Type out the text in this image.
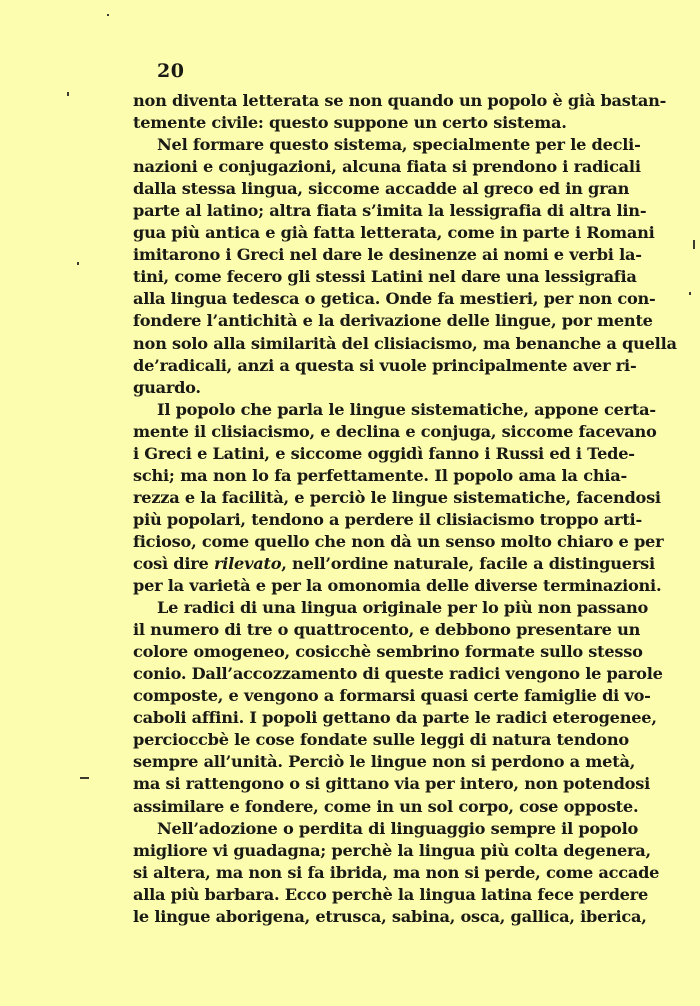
20
non diventa letterata se non quando un popolo è già bastan-
temente civile: questo suppone un certo sistema.
Nel formare questo sistema, specialmente per le decli-
nazioni e conjugazioni, alcuna fiata si prendono i radicali
dalla stessa lingua, siccome accadde al greco ed in gran
parte al latino; altra fiata s’imita la lessigrafia di altra lin-
gua più antica e già fatta letterata, come in parte i Romani
imitarono i Greci nel dare le desinenze ai nomi e verbi la-
tini, come fecero gli stessi Latini nel dare una lessigrafia
alla lingua tedesca o getica. Onde fa mestieri, per non con-
fondere l’antichità e la derivazione delle lingue, por mente
non solo alla similarità del clisiacismo, ma benanche a quella
de’radicali, anzi a questa si vuole principalmente aver ri-
guardo.
Il popolo che parla le lingue sistematiche, appone certa-
mente il clisiacismo, e declina e conjuga, siccome facevano
i Greci e Latini, e siccome oggidì fanno i Russi ed i Tede-
schi; ma non lo fa perfettamente. Il popolo ama la chia-
rezza e la facilità, e perciò le lingue sistematiche, facendosi
più popolari, tendono a perdere il clisiacismo troppo arti-
ficioso, come quello che non dà un senso molto chiaro e per
così dire rilevato, nell’ordine naturale, facile a distinguersi
per la varietà e per la omonomia delle diverse terminazioni.
Le radici di una lingua originale per lo più non passano
il numero di tre o quattrocento, e debbono presentare un
colore omogeneo, cosicchè sembrino formate sullo stesso
conio. Dall’accozzamento di queste radici vengono le parole
composte, e vengono a formarsi quasi certe famiglie di vo-
caboli affini. I popoli gettano da parte le radici eterogenee,
percioccbè le cose fondate sulle leggi di natura tendono
sempre all’unità. Perciò le lingue non si perdono a metà,
ma si rattengono o si gittano via per intero, non potendosi
assimilare e fondere, come in un sol corpo, cose opposte.
Nell’adozione o perdita di linguaggio sempre il popolo
migliore vi guadagna; perchè la lingua più colta degenera,
si altera, ma non si fa ibrida, ma non si perde, come accade
alla più barbara. Ecco perchè la lingua latina fece perdere
le lingue aborigena, etrusca, sabina, osca, gallica, iberica,
